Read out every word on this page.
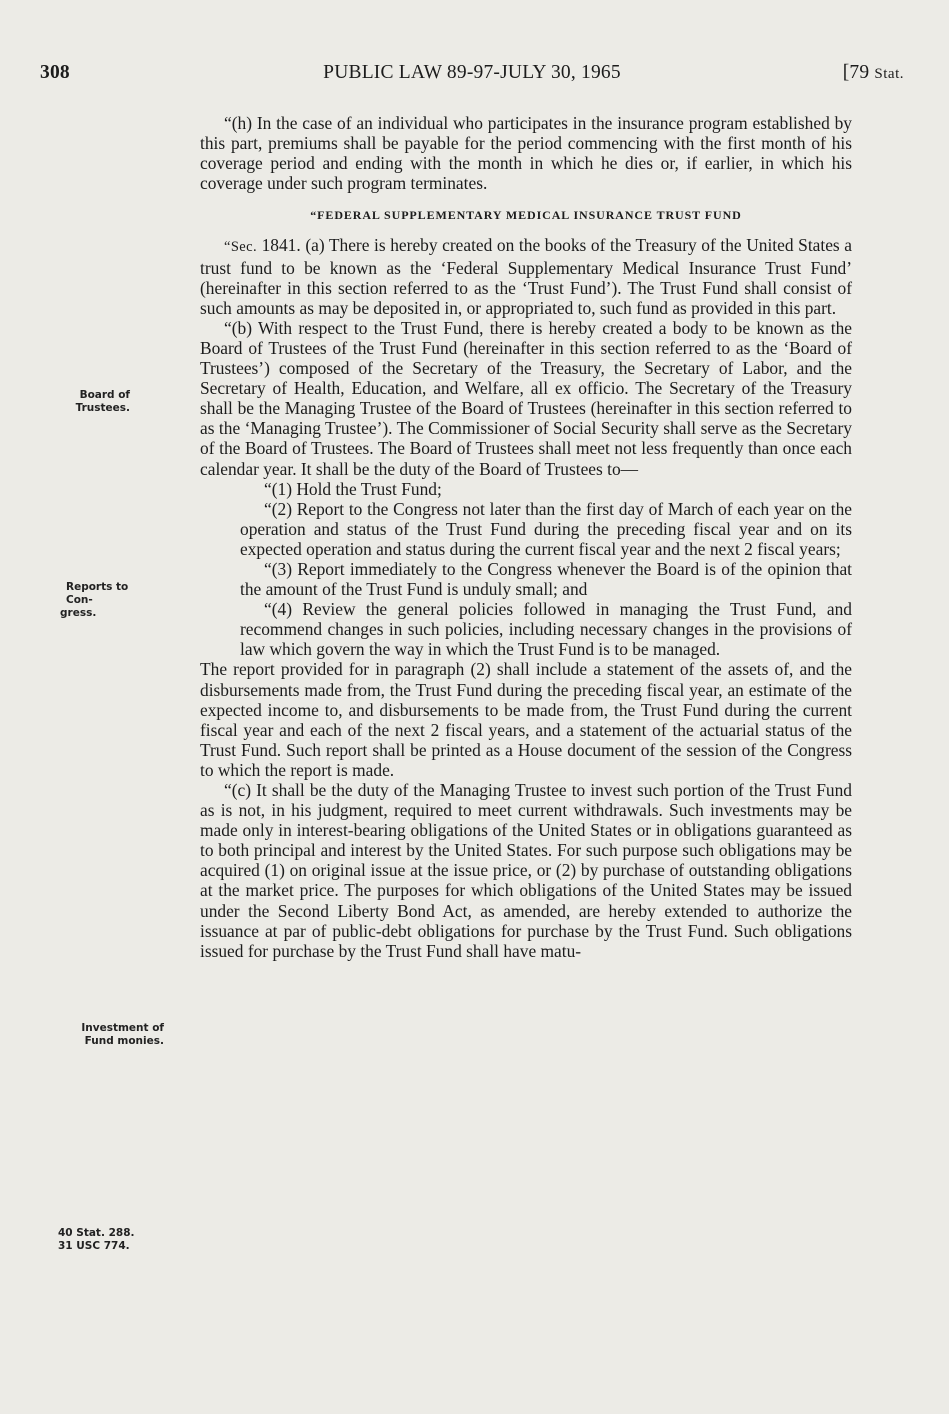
308	PUBLIC LAW 89-97-JULY 30, 1965	[79 Stat.
Board of
Trustees.
Reports to Con-
gress.
Investment of
Fund monies.
40 Stat. 288.
31 USC 774.

“(h) In the case of an individual who participates in the insurance program established by this part, premiums shall be payable for the period commencing with the first month of his coverage period and ending with the month in which he dies or, if earlier, in which his coverage under such program terminates.

“FEDERAL SUPPLEMENTARY MEDICAL INSURANCE TRUST FUND

“Sec. 1841. (a) There is hereby created on the books of the Treasury of the United States a trust fund to be known as the ‘Federal Supplementary Medical Insurance Trust Fund’ (hereinafter in this section referred to as the ‘Trust Fund’). The Trust Fund shall consist of such amounts as may be deposited in, or appropriated to, such fund as provided in this part.

“(b) With respect to the Trust Fund, there is hereby created a body to be known as the Board of Trustees of the Trust Fund (hereinafter in this section referred to as the ‘Board of Trustees’) composed of the Secretary of the Treasury, the Secretary of Labor, and the Secretary of Health, Education, and Welfare, all ex officio. The Secretary of the Treasury shall be the Managing Trustee of the Board of Trustees (hereinafter in this section referred to as the ‘Managing Trustee’). The Commissioner of Social Security shall serve as the Secretary of the Board of Trustees. The Board of Trustees shall meet not less frequently than once each calendar year. It shall be the duty of the Board of Trustees to—

“(1) Hold the Trust Fund;

“(2) Report to the Congress not later than the first day of March of each year on the operation and status of the Trust Fund during the preceding fiscal year and on its expected operation and status during the current fiscal year and the next 2 fiscal years;

“(3) Report immediately to the Congress whenever the Board is of the opinion that the amount of the Trust Fund is unduly small; and

“(4) Review the general policies followed in managing the Trust Fund, and recommend changes in such policies, including necessary changes in the provisions of law which govern the way in which the Trust Fund is to be managed.

The report provided for in paragraph (2) shall include a statement of the assets of, and the disbursements made from, the Trust Fund during the preceding fiscal year, an estimate of the expected income to, and disbursements to be made from, the Trust Fund during the current fiscal year and each of the next 2 fiscal years, and a statement of the actuarial status of the Trust Fund. Such report shall be printed as a House document of the session of the Congress to which the report is made.

“(c) It shall be the duty of the Managing Trustee to invest such portion of the Trust Fund as is not, in his judgment, required to meet current withdrawals. Such investments may be made only in interest-bearing obligations of the United States or in obligations guaranteed as to both principal and interest by the United States. For such purpose such obligations may be acquired (1) on original issue at the issue price, or (2) by purchase of outstanding obligations at the market price. The purposes for which obligations of the United States may be issued under the Second Liberty Bond Act, as amended, are hereby extended to authorize the issuance at par of public-debt obligations for purchase by the Trust Fund. Such obligations issued for purchase by the Trust Fund shall have matu-
